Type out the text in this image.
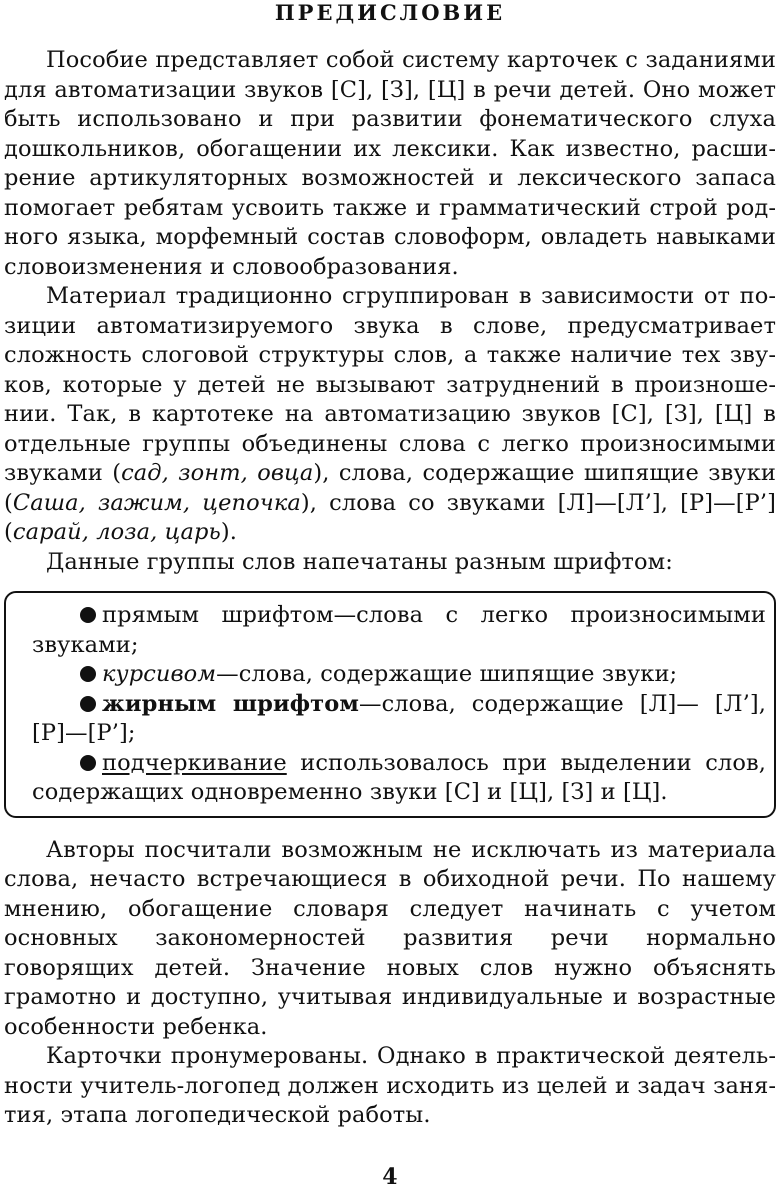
ПРЕДИСЛОВИЕ

Пособие представляет собой систему карточек с заданиями для автоматизации звуков [С], [З], [Ц] в речи детей. Оно может быть использовано и при развитии фонематического слуха дошкольников, обогащении их лексики. Как известно, расширение артикуляторных возможностей и лексического запаса помогает ребятам усвоить также и грамматический строй родного языка, морфемный состав словоформ, овладеть навыками словоизменения и словообразования.

Материал традиционно сгруппирован в зависимости от позиции автоматизируемого звука в слове, предусматривает сложность слоговой структуры слов, а также наличие тех звуков, которые у детей не вызывают затруднений в произношении. Так, в картотеке на автоматизацию звуков [С], [З], [Ц] в отдельные группы объединены слова с легко произносимыми звуками (сад, зонт, овца), слова, содержащие шипящие звуки (Саша, зажим, цепочка), слова со звуками [Л]—[Л’], [Р]—[Р’] (сарай, лоза, царь).

Данные группы слов напечатаны разным шрифтом:

прямым шрифтом—слова с легко произносимыми звуками;

курсивом—слова, содержащие шипящие звуки;

жирным шрифтом—слова, содержащие [Л]— [Л’], [Р]—[Р’];

подчеркивание использовалось при выделении слов, содержащих одновременно звуки [С] и [Ц], [З] и [Ц].

Авторы посчитали возможным не исключать из материала слова, нечасто встречающиеся в обиходной речи. По нашему мнению, обогащение словаря следует начинать с учетом основных закономерностей развития речи нормально говорящих детей. Значение новых слов нужно объяснять грамотно и доступно, учитывая индивидуальные и возрастные особенности ребенка.

Карточки пронумерованы. Однако в практической деятельности учитель-логопед должен исходить из целей и задач занятия, этапа логопедической работы.

4
